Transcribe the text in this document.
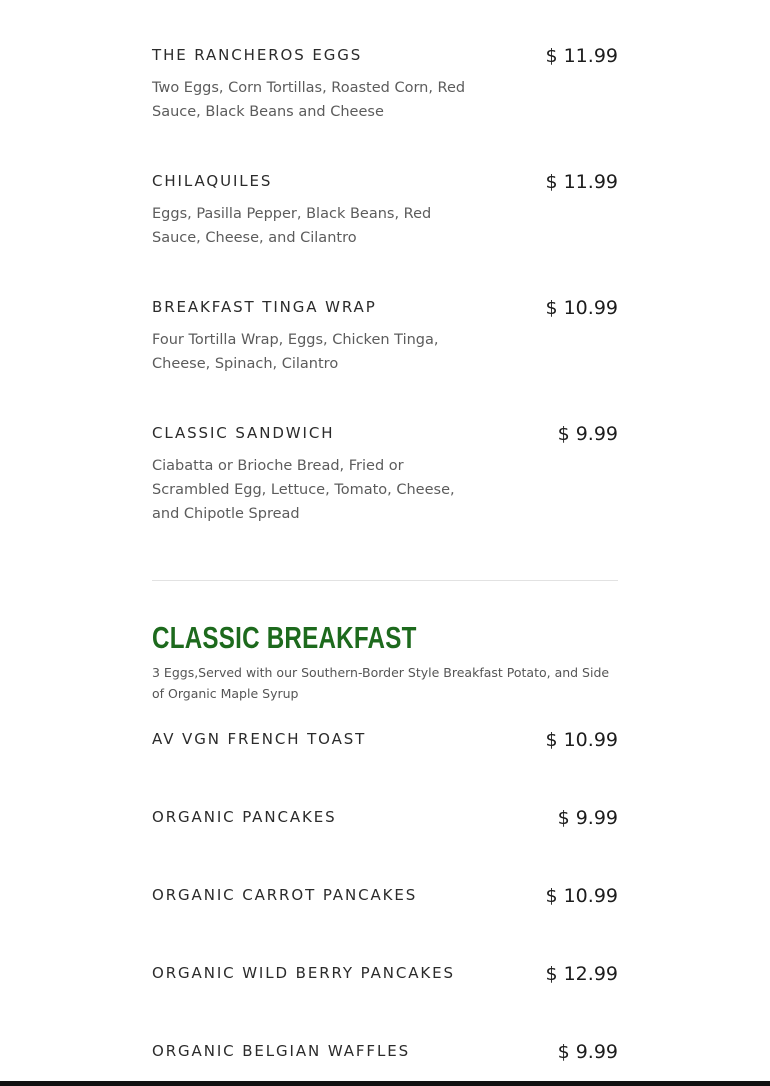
THE RANCHEROS EGGS	$ 11.99
Two Eggs, Corn Tortillas, Roasted Corn, Red Sauce, Black Beans and Cheese
CHILAQUILES	$ 11.99
Eggs, Pasilla Pepper, Black Beans, Red Sauce, Cheese, and Cilantro
BREAKFAST TINGA WRAP	$ 10.99
Four Tortilla Wrap, Eggs, Chicken Tinga, Cheese, Spinach, Cilantro
CLASSIC SANDWICH	$ 9.99
Ciabatta or Brioche Bread, Fried or Scrambled Egg, Lettuce, Tomato, Cheese, and Chipotle Spread
CLASSIC BREAKFAST
3 Eggs,Served with our Southern-Border Style Breakfast Potato, and Side of Organic Maple Syrup
AV VGN FRENCH TOAST	$ 10.99
ORGANIC PANCAKES	$ 9.99
ORGANIC CARROT PANCAKES	$ 10.99
ORGANIC WILD BERRY PANCAKES	$ 12.99
ORGANIC BELGIAN WAFFLES	$ 9.99
